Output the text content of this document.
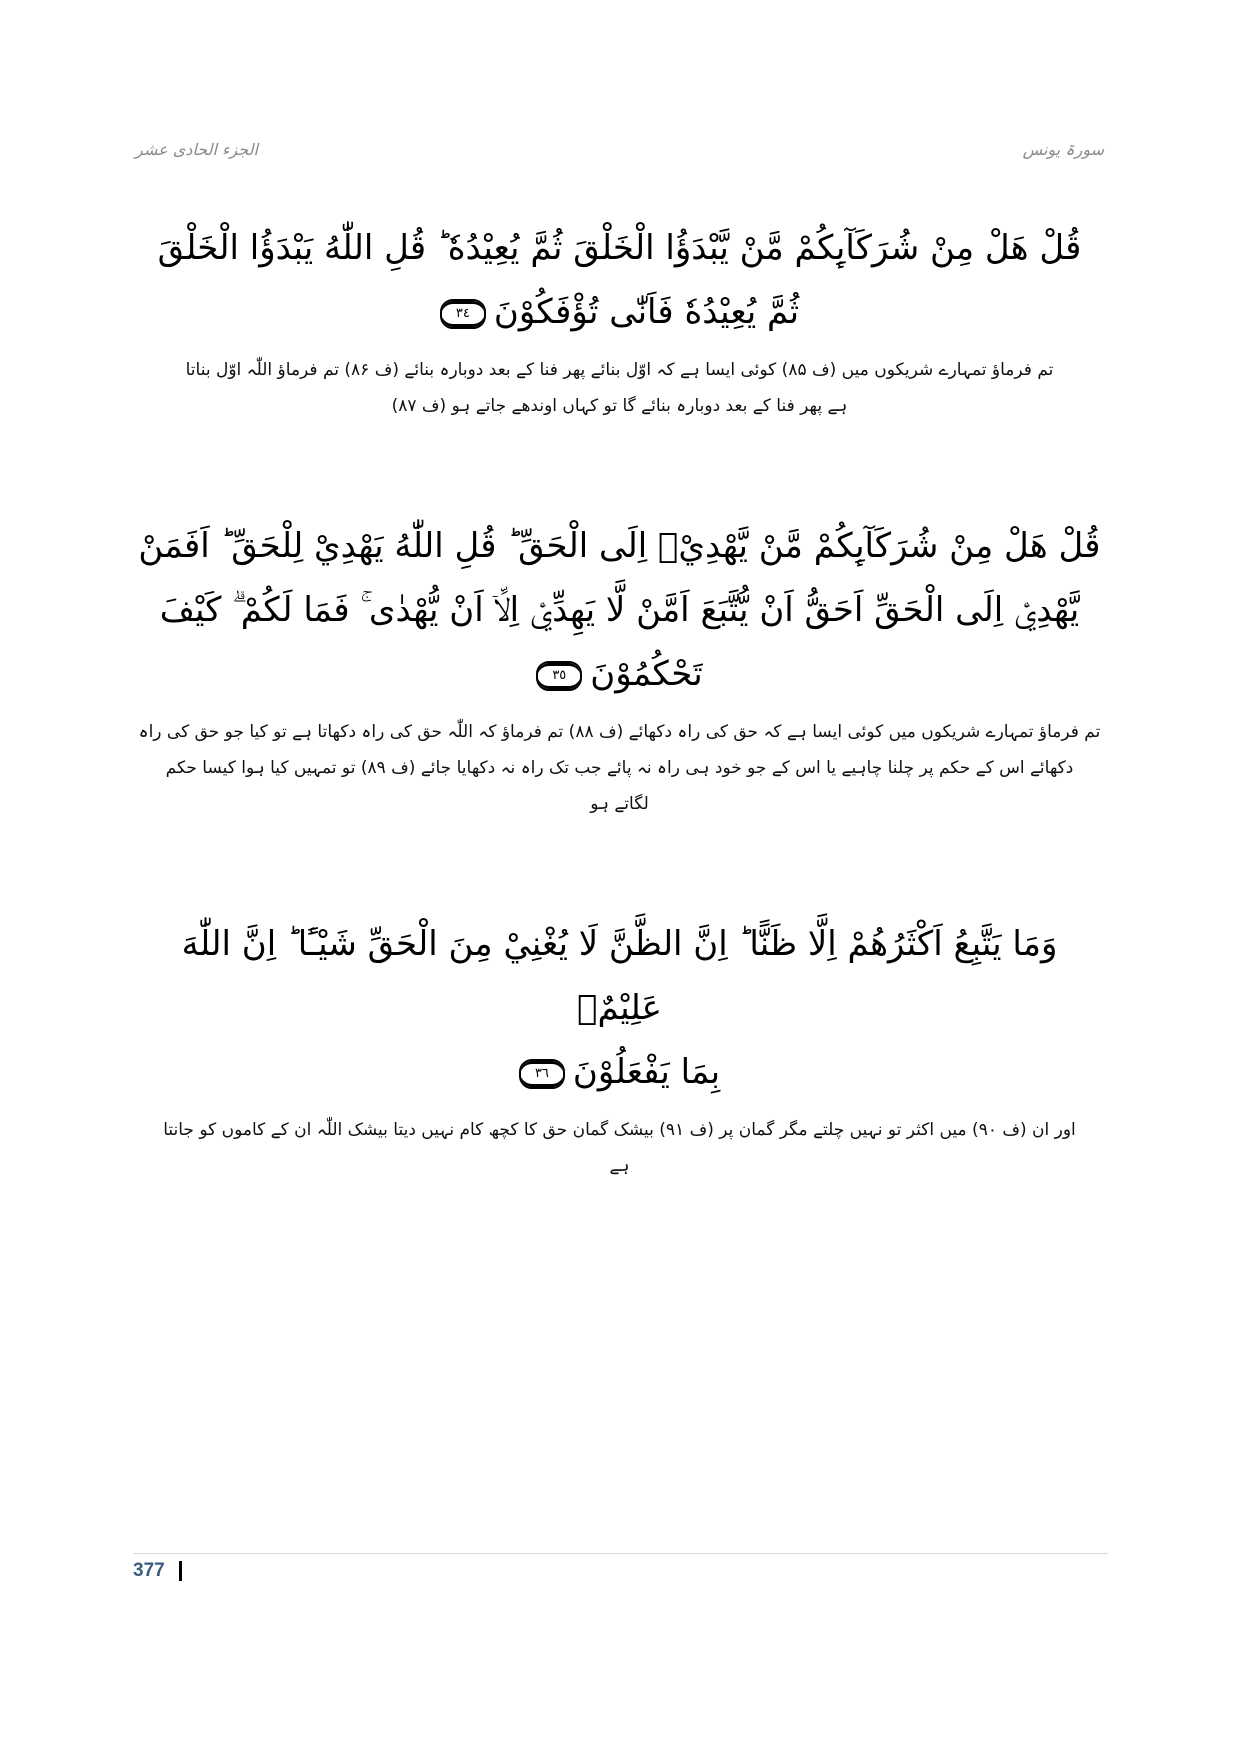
الجزء الحادی عشر	سورۃ یونس
قُلْ هَلْ مِنْ شُرَكَآىِٕكُمْ مَّنْ يَّبْدَؤُا الْخَلْقَ ثُمَّ يُعِيْدُهٗ ؕ قُلِ اللّٰهُ يَبْدَؤُا الْخَلْقَ
ثُمَّ يُعِيْدُهٗ فَاَنّٰى تُؤْفَكُوْنَ٣٤
تم فرماؤ تمہارے شریکوں میں (ف ۸۵) کوئی ایسا ہے کہ اوّل بنائے پھر فنا کے بعد دوبارہ بنائے (ف ۸۶) تم فرماؤ اللّٰہ اوّل بناتا
ہے پھر فنا کے بعد دوبارہ بنائے گا تو کہاں اوندھے جاتے ہو (ف ۸۷)
قُلْ هَلْ مِنْ شُرَكَآىِٕكُمْ مَّنْ يَّهْدِيْۤ اِلَى الْحَقِّ ؕ قُلِ اللّٰهُ يَهْدِيْ لِلْحَقِّ ؕ اَفَمَنْ
يَّهْدِيْۤ اِلَى الْحَقِّ اَحَقُّ اَنْ يُّتَّبَعَ اَمَّنْ لَّا يَهِدِّيْۤ اِلَّاۤ اَنْ يُّهْدٰى ۚ فَمَا لَكُمْ ۗ كَيْفَ
تَحْكُمُوْنَ٣٥
تم فرماؤ تمہارے شریکوں میں کوئی ایسا ہے کہ حق کی راہ دکھائے (ف ۸۸) تم فرماؤ کہ اللّٰہ حق کی راہ دکھاتا ہے تو کیا جو حق کی راہ
دکھائے اس کے حکم پر چلنا چاہیے یا اس کے جو خود ہی راہ نہ پائے جب تک راہ نہ دکھایا جائے (ف ۸۹) تو تمہیں کیا ہوا کیسا حکم
لگاتے ہو
وَمَا يَتَّبِعُ اَكْثَرُهُمْ اِلَّا ظَنًّا ؕ اِنَّ الظَّنَّ لَا يُغْنِيْ مِنَ الْحَقِّ شَيْـًٔا ؕ اِنَّ اللّٰهَ عَلِيْمٌۢ
بِمَا يَفْعَلُوْنَ٣٦
اور ان (ف ۹۰) میں اکثر تو نہیں چلتے مگر گمان پر (ف ۹۱) بیشک گمان حق کا کچھ کام نہیں دیتا بیشک اللّٰہ ان کے کاموں کو جانتا
ہے
377
